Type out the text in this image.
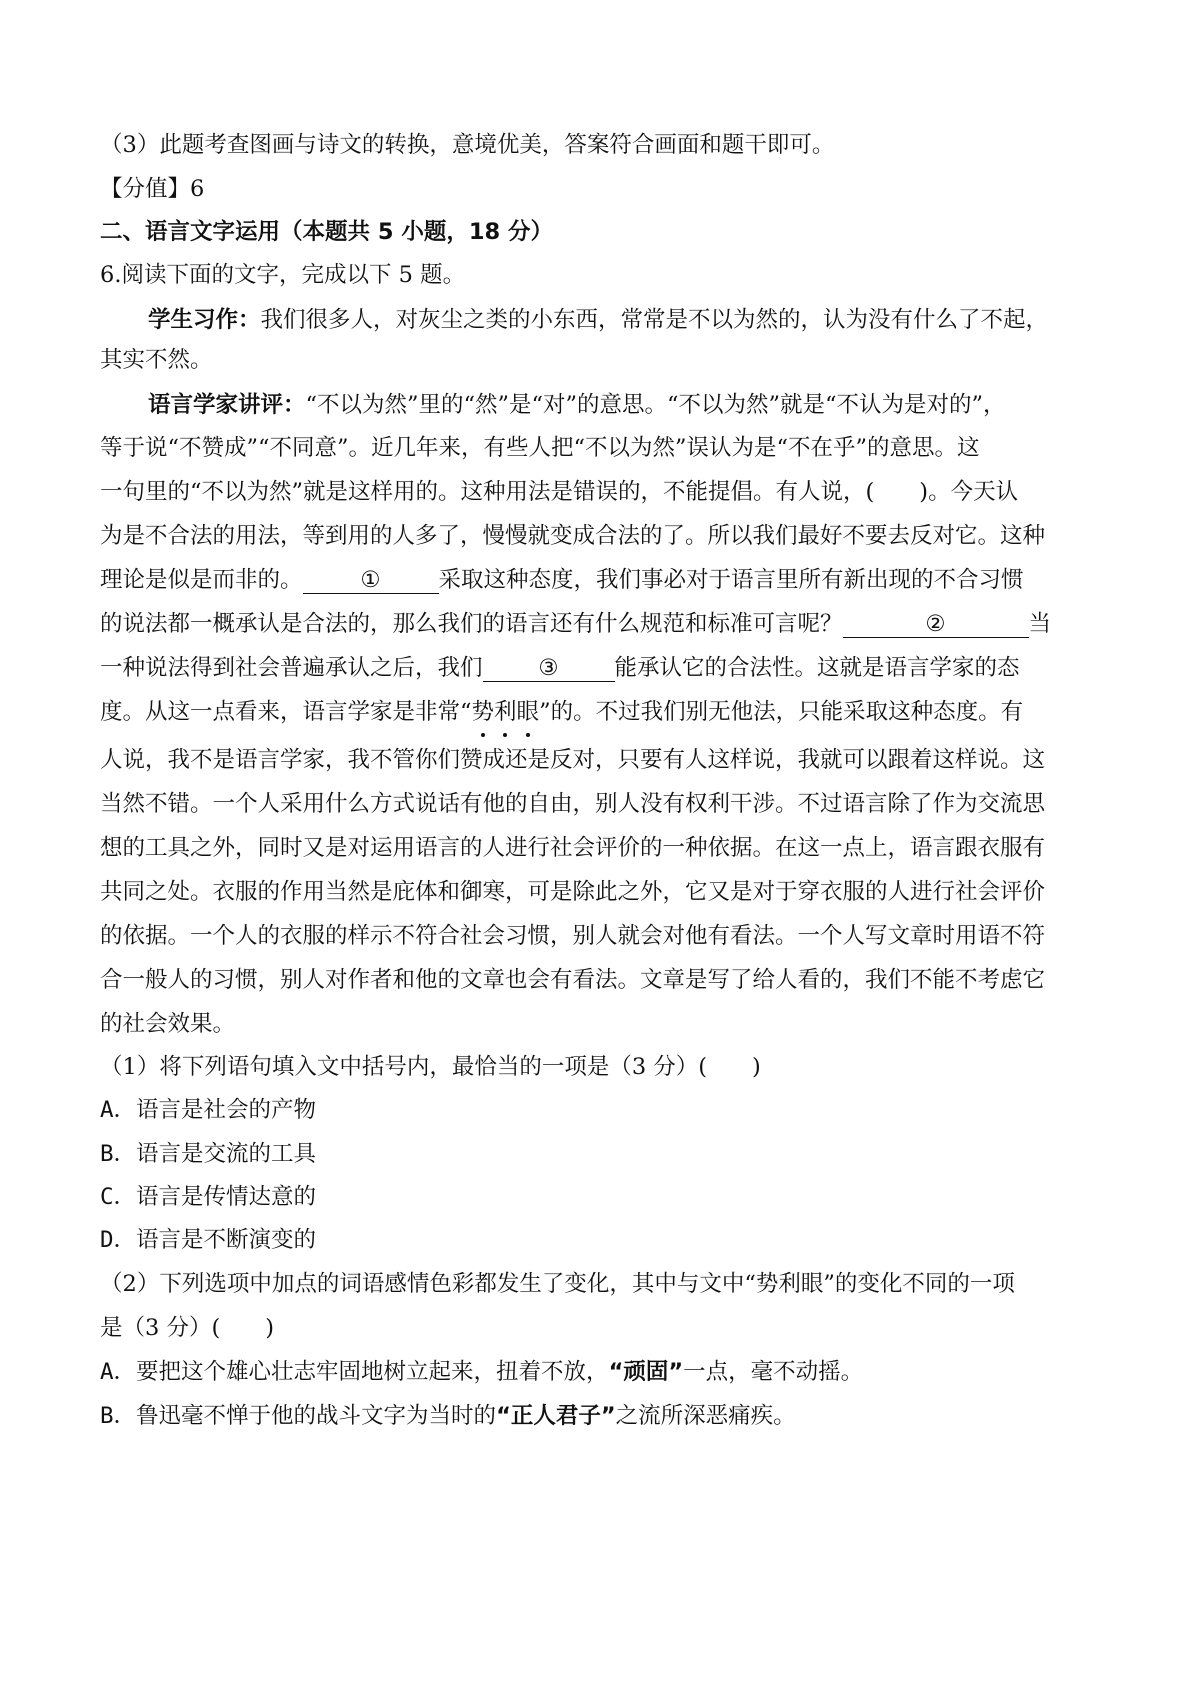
（3）此题考查图画与诗文的转换，意境优美，答案符合画面和题干即可。
【分值】6
二、语言文字运用（本题共 5 小题，18 分）
6.阅读下面的文字，完成以下 5 题。
学生习作：我们很多人，对灰尘之类的小东西，常常是不以为然的，认为没有什么了不起，
其实不然。
语言学家讲评：“不以为然”里的“然”是“对”的意思。“不以为然”就是“不认为是对的”，
等于说“不赞成”“不同意”。近几年来，有些人把“不以为然”误认为是“不在乎”的意思。这
一句里的“不以为然”就是这样用的。这种用法是错误的，不能提倡。有人说，(　　)。今天认
为是不合法的用法，等到用的人多了，慢慢就变成合法的了。所以我们最好不要去反对它。这种
理论是似是而非的。	①	采取这种态度，我们事必对于语言里所有新出现的不合习惯
的说法都一概承认是合法的，那么我们的语言还有什么规范和标准可言呢？	②	当
一种说法得到社会普遍承认之后，我们 ③ 能承认它的合法性。这就是语言学家的态
度。从这一点看来，语言学家是非常“势利眼”的。不过我们别无他法，只能采取这种态度。有
人说，我不是语言学家，我不管你们赞成还是反对，只要有人这样说，我就可以跟着这样说。这
当然不错。一个人采用什么方式说话有他的自由，别人没有权利干涉。不过语言除了作为交流思
想的工具之外，同时又是对运用语言的人进行社会评价的一种依据。在这一点上，语言跟衣服有
共同之处。衣服的作用当然是庇体和御寒，可是除此之外，它又是对于穿衣服的人进行社会评价
的依据。一个人的衣服的样示不符合社会习惯，别人就会对他有看法。一个人写文章时用语不符
合一般人的习惯，别人对作者和他的文章也会有看法。文章是写了给人看的，我们不能不考虑它
的社会效果。
（1）将下列语句填入文中括号内，最恰当的一项是（3 分）(　　)
A．语言是社会的产物
B．语言是交流的工具
C．语言是传情达意的
D．语言是不断演变的
（2）下列选项中加点的词语感情色彩都发生了变化，其中与文中“势利眼”的变化不同的一项
是（3 分）(　　)
A．要把这个雄心壮志牢固地树立起来，扭着不放，“顽固”一点，毫不动摇。
B．鲁迅毫不惮于他的战斗文字为当时的“正人君子”之流所深恶痛疾。
